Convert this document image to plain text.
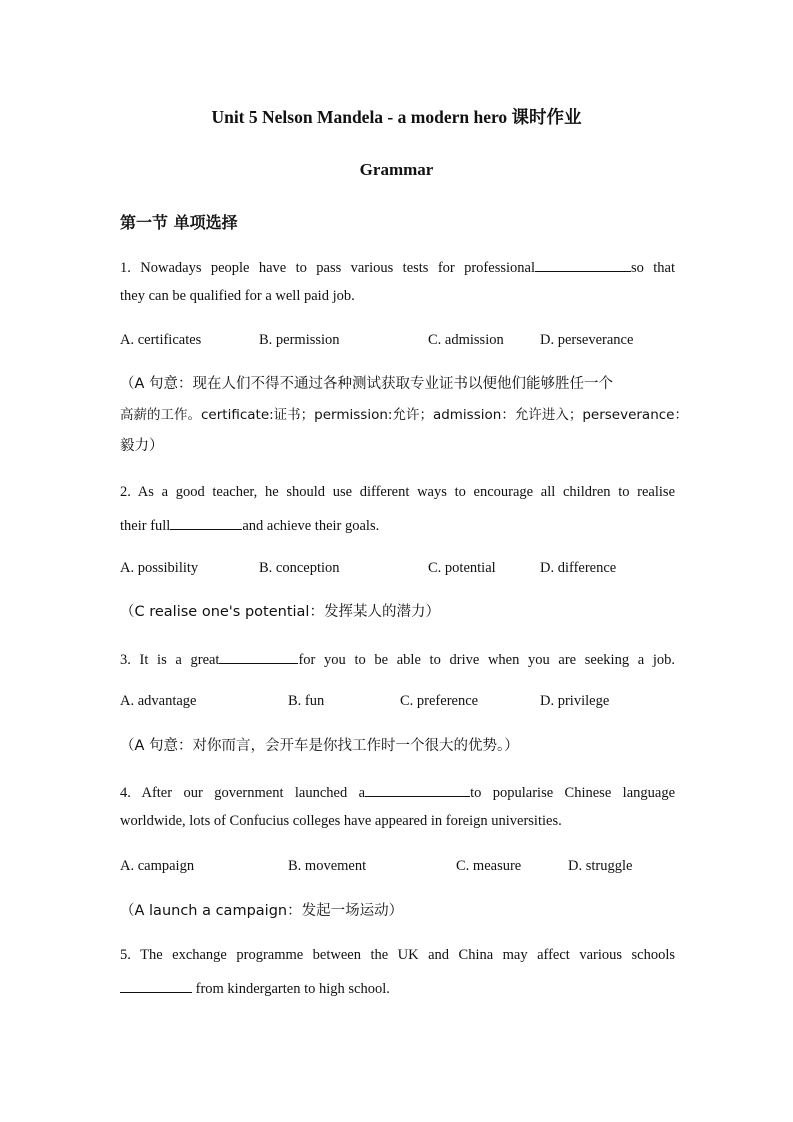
Unit 5 Nelson Mandela - a modern hero 课时作业
Grammar
第一节 单项选择
1. Nowadays people have to pass various tests for professional	so that
they can be qualified for a well paid job.
A. certificates	B. permission	C. admission	D. perseverance
（A 句意：现在人们不得不通过各种测试获取专业证书以便他们能够胜任一个
高薪的工作。certificate:证书；permission:允许；admission：允许进入；perseverance：
毅力）
2. As a good teacher, he should use different ways to encourage all children to realise
their full	and achieve their goals.
A. possibility	B. conception	C. potential	D. difference
（C realise one's potential：发挥某人的潜力）
3. It is a great	for you to be able to drive when you are seeking a job.
A. advantage	B. fun	C. preference	D. privilege
（A 句意：对你而言，会开车是你找工作时一个很大的优势。）
4. After our government launched a	to popularise Chinese language
worldwide, lots of Confucius colleges have appeared in foreign universities.
A. campaign	B. movement	C. measure	D. struggle
（A launch a campaign：发起一场运动）
5. The exchange programme between the UK and China may affect various schools
from kindergarten to high school.
